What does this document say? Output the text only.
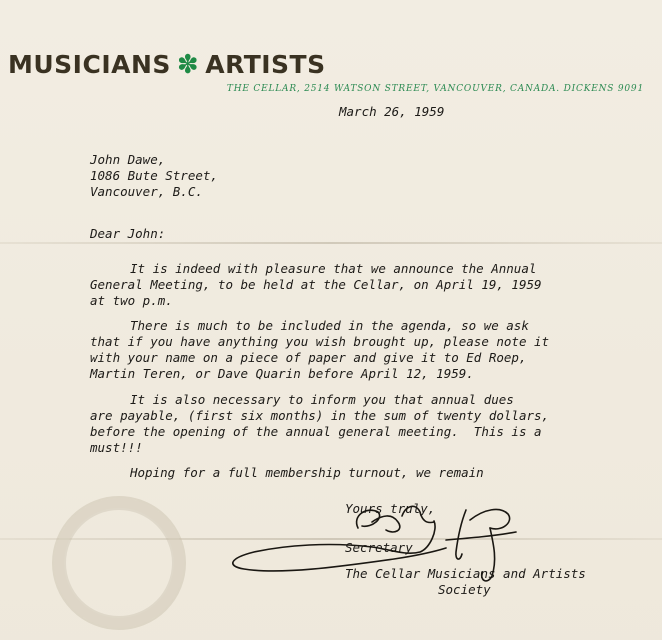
MUSICIANS ✽ ARTISTS
THE CELLAR, 2514 WATSON STREET, VANCOUVER, CANADA. DICKENS 9091
March 26, 1959
John Dawe,
1086 Bute Street,
Vancouver, B.C.
Dear John:
It is indeed with pleasure that we announce the Annual
General Meeting, to be held at the Cellar, on April 19, 1959
at two p.m.
There is much to be included in the agenda, so we ask
that if you have anything you wish brought up, please note it
with your name on a piece of paper and give it to Ed Roep,
Martin Teren, or Dave Quarin before April 12, 1959.
It is also necessary to inform you that annual dues
are payable, (first six months) in the sum of twenty dollars,
before the opening of the annual general meeting.  This is a
must!!!
Hoping for a full membership turnout, we remain
Yours truly,
Secretary
The Cellar Musicians and Artists
Society
